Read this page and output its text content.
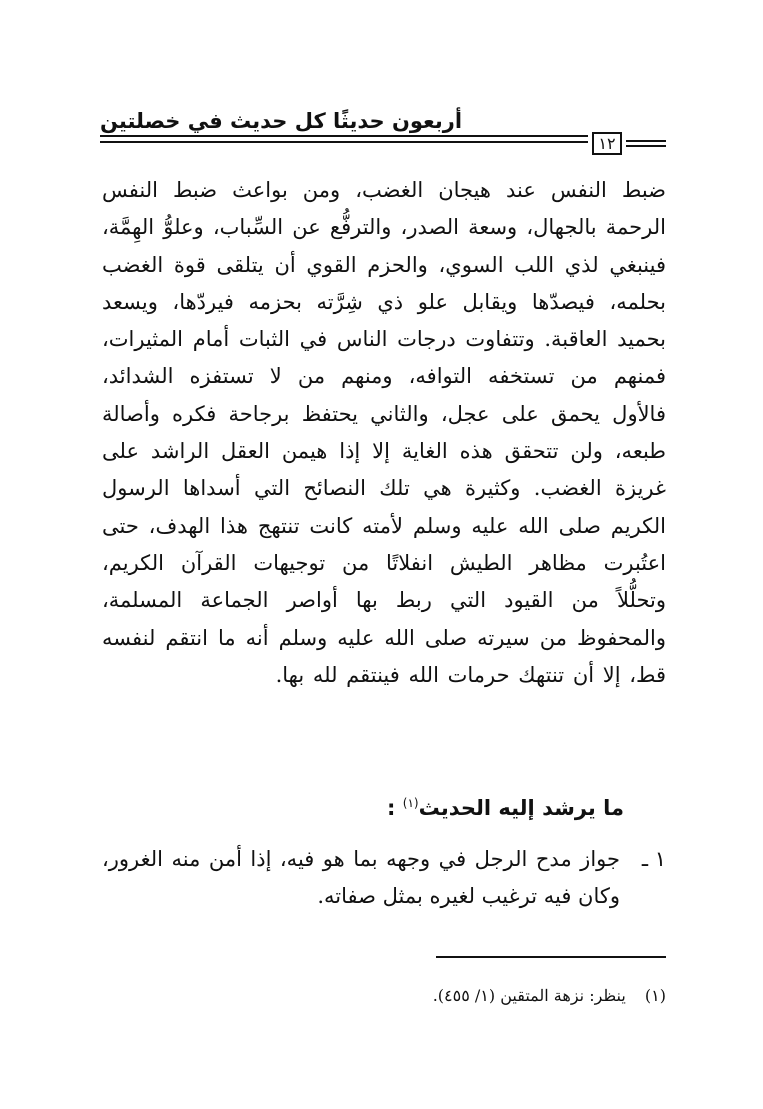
أربعون حديثًا كل حديث في خصلتين
١٢

ضبط النفس عند هيجان الغضب، ومن بواعث ضبط النفس الرحمة بالجهال، وسعة الصدر، والترفُّع عن السِّباب، وعلوُّ الهِمَّة، فينبغي لذي اللب السوي، والحزم القوي أن يتلقى قوة الغضب بحلمه، فيصدّها ويقابل علو ذي شِرَّته بحزمه فيردّها، ويسعد بحميد العاقبة. وتتفاوت درجات الناس في الثبات أمام المثيرات، فمنهم من تستخفه التوافه، ومنهم من لا تستفزه الشدائد، فالأول يحمق على عجل، والثاني يحتفظ برجاحة فكره وأصالة طبعه، ولن تتحقق هذه الغاية إلا إذا هيمن العقل الراشد على غريزة الغضب. وكثيرة هي تلك النصائح التي أسداها الرسول الكريم صلى الله عليه وسلم لأمته كانت تنتهج هذا الهدف، حتى اعتُبرت مظاهر الطيش انفلاتًا من توجيهات القرآن الكريم، وتحلُّلاً من القيود التي ربط بها أواصر الجماعة المسلمة، والمحفوظ من سيرته صلى الله عليه وسلم أنه ما انتقم لنفسه قط، إلا أن تنتهك حرمات الله فينتقم لله بها.

ما يرشد إليه الحديث$^{(١)}$ :
١ ـ
جواز مدح الرجل في وجهه بما هو فيه، إذا أمن منه الغرور، وكان فيه ترغيب لغيره بمثل صفاته.
(١) ينظر: نزهة المتقين (١/ ٤٥٥).
